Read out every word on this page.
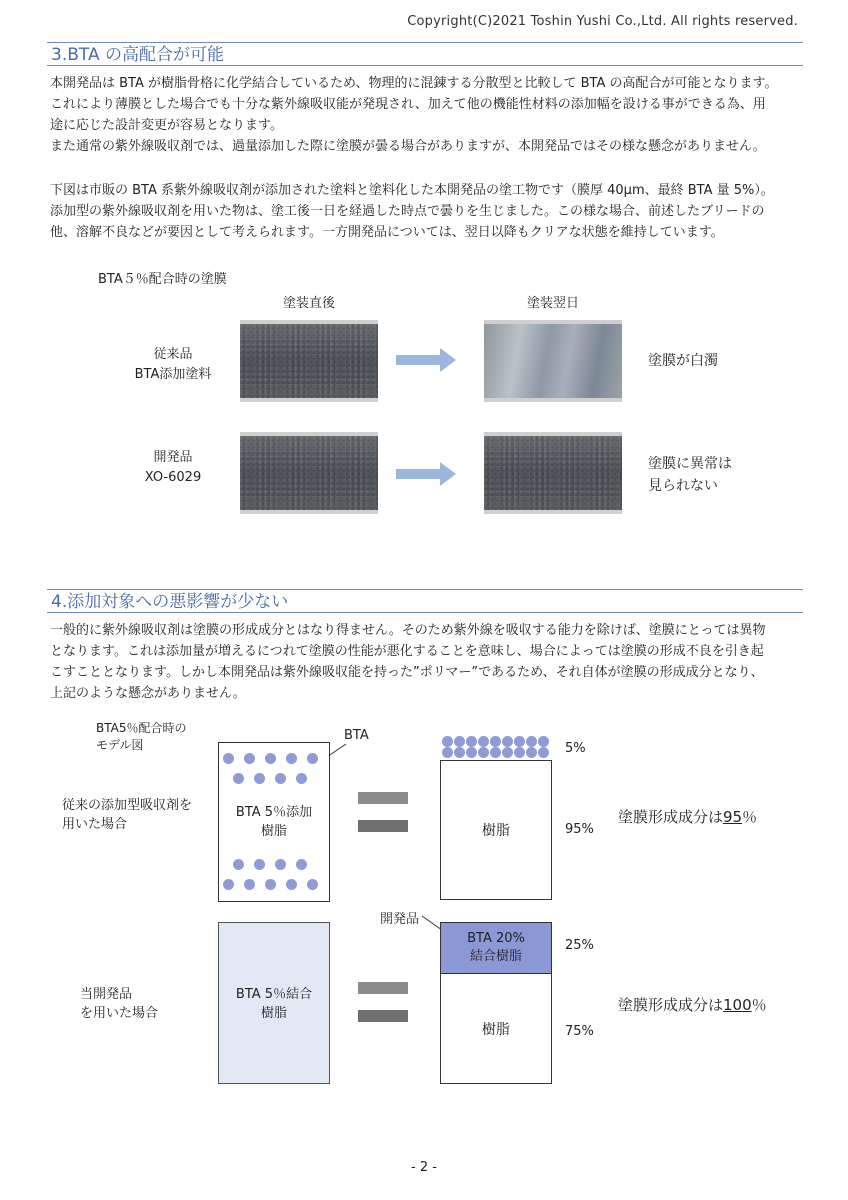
Copyright(C)2021 Toshin Yushi Co.,Ltd. All rights reserved.
3.BTA の高配合が可能

本開発品は BTA が樹脂骨格に化学結合しているため、物理的に混錬する分散型と比較して BTA の高配合が可能となります。

これにより薄膜とした場合でも十分な紫外線吸収能が発現され、加えて他の機能性材料の添加幅を設ける事ができる為、用

途に応じた設計変更が容易となります。

また通常の紫外線吸収剤では、過量添加した際に塗膜が曇る場合がありますが、本開発品ではその様な懸念がありません。

下図は市販の BTA 系紫外線吸収剤が添加された塗料と塗料化した本開発品の塗工物です（膜厚 40μm、最終 BTA 量 5%）。

添加型の紫外線吸収剤を用いた物は、塗工後一日を経過した時点で曇りを生じました。この様な場合、前述したブリードの

他、溶解不良などが要因として考えられます。一方開発品については、翌日以降もクリアな状態を維持しています。

BTA５％配合時の塗膜
塗装直後	塗装翌日
従来品
BTA添加塗料
塗膜が白濁
開発品
XO-6029
塗膜に異常は
見られない
4.添加対象への悪影響が少ない

一般的に紫外線吸収剤は塗膜の形成成分とはなり得ません。そのため紫外線を吸収する能力を除けば、塗膜にとっては異物

となります。これは添加量が増えるにつれて塗膜の性能が悪化することを意味し、場合によっては塗膜の形成不良を引き起

こすこととなります。しかし本開発品は紫外線吸収能を持った”ポリマー”であるため、それ自体が塗膜の形成成分となり、

上記のような懸念がありません。

BTA5％配合時の
モデル図
BTA
従来の添加型吸収剤を
用いた場合
BTA 5％添加
樹脂	樹脂
5%
95%
塗膜形成成分は95％
開発品
当開発品
を用いた場合
BTA 5％結合
樹脂
BTA 20%
結合樹脂
樹脂
25%
75%
塗膜形成成分は100％
- 2 -
